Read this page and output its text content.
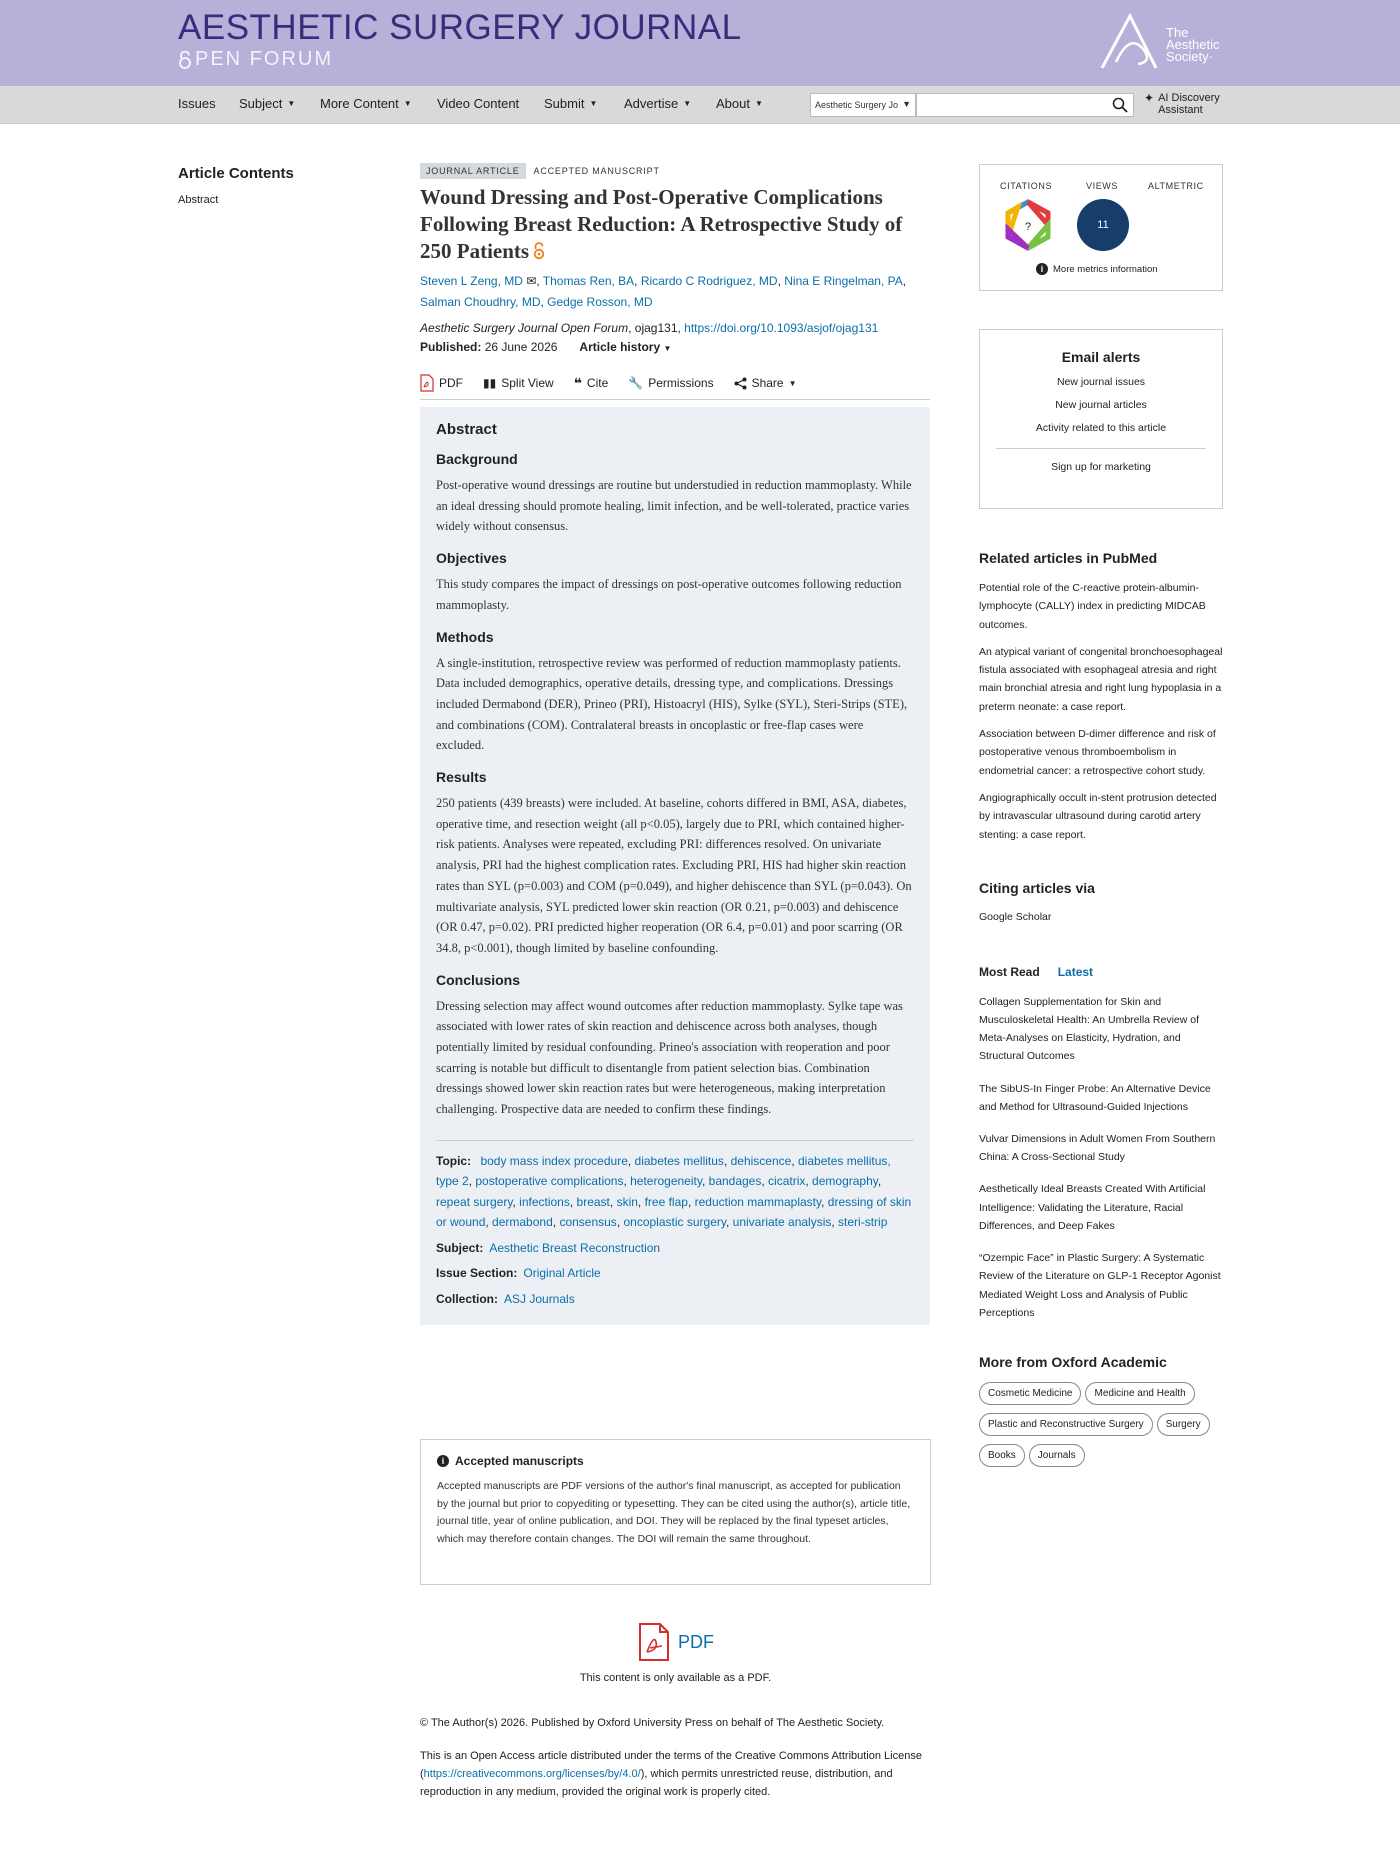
AESTHETIC SURGERY JOURNAL
PEN FORUM
The
Aesthetic
Society·
Issues Subject ▼ More Content ▼ Video Content Submit ▼ Advertise ▼ About ▼	Aesthetic Surgery Jo ▼	✦ AI Discovery
Assistant
Article Contents
Abstract
JOURNAL ARTICLE	ACCEPTED MANUSCRIPT
Wound Dressing and Post-Operative Complications Following Breast Reduction: A Retrospective Study of 250 Patients
Steven L Zeng, MD ✉, Thomas Ren, BA, Ricardo C Rodriguez, MD, Nina E Ringelman, PA,
Salman Choudhry, MD, Gedge Rosson, MD
Aesthetic Surgery Journal Open Forum, ojag131, https://doi.org/10.1093/asjof/ojag131
Published: 26 June 2026 Article history ▼
PDF ▮▮ Split View ❝ Cite 🔧 Permissions	Share ▼
Abstract
Background

Post-operative wound dressings are routine but understudied in reduction mammoplasty. While an ideal dressing should promote healing, limit infection, and be well-tolerated, practice varies widely without consensus.

Objectives

This study compares the impact of dressings on post-operative outcomes following reduction mammoplasty.

Methods

A single-institution, retrospective review was performed of reduction mammoplasty patients. Data included demographics, operative details, dressing type, and complications. Dressings included Dermabond (DER), Prineo (PRI), Histoacryl (HIS), Sylke (SYL), Steri-Strips (STE), and combinations (COM). Contralateral breasts in oncoplastic or free-flap cases were excluded.

Results

250 patients (439 breasts) were included. At baseline, cohorts differed in BMI, ASA, diabetes, operative time, and resection weight (all p<0.05), largely due to PRI, which contained higher-risk patients. Analyses were repeated, excluding PRI: differences resolved. On univariate analysis, PRI had the highest complication rates. Excluding PRI, HIS had higher skin reaction rates than SYL (p=0.003) and COM (p=0.049), and higher dehiscence than SYL (p=0.043). On multivariate analysis, SYL predicted lower skin reaction (OR 0.21, p=0.003) and dehiscence (OR 0.47, p=0.02). PRI predicted higher reoperation (OR 6.4, p=0.01) and poor scarring (OR 34.8, p<0.001), though limited by baseline confounding.

Conclusions

Dressing selection may affect wound outcomes after reduction mammoplasty. Sylke tape was associated with lower rates of skin reaction and dehiscence across both analyses, though potentially limited by residual confounding. Prineo's association with reoperation and poor scarring is notable but difficult to disentangle from patient selection bias. Combination dressings showed lower skin reaction rates but were heterogeneous, making interpretation challenging. Prospective data are needed to confirm these findings.

Topic: body mass index procedure, diabetes mellitus, dehiscence, diabetes mellitus, type 2, postoperative complications, heterogeneity, bandages, cicatrix, demography, repeat surgery, infections, breast, skin, free flap, reduction mammaplasty, dressing of skin or wound, dermabond, consensus, oncoplastic surgery, univariate analysis, steri-strip
Subject: Aesthetic Breast Reconstruction
Issue Section: Original Article
Collection: ASJ Journals
i Accepted manuscripts

Accepted manuscripts are PDF versions of the author's final manuscript, as accepted for publication by the journal but prior to copyediting or typesetting. They can be cited using the author(s), article title, journal title, year of online publication, and DOI. They will be replaced by the final typeset articles, which may therefore contain changes. The DOI will remain the same throughout.

PDF
This content is only available as a PDF.
© The Author(s) 2026. Published by Oxford University Press on behalf of The Aesthetic Society.
This is an Open Access article distributed under the terms of the Creative Commons Attribution License (https://creativecommons.org/licenses/by/4.0/), which permits unrestricted reuse, distribution, and reproduction in any medium, provided the original work is properly cited.
CITATIONS	VIEWS	ALTMETRIC
?	11
i	More metrics information
Email alerts
New journal issues
New journal articles
Activity related to this article
Sign up for marketing
Related articles in PubMed
Potential role of the C-reactive protein-albumin-lymphocyte (CALLY) index in predicting MIDCAB outcomes.
An atypical variant of congenital bronchoesophageal fistula associated with esophageal atresia and right main bronchial atresia and right lung hypoplasia in a preterm neonate: a case report.
Association between D-dimer difference and risk of postoperative venous thromboembolism in endometrial cancer: a retrospective cohort study.
Angiographically occult in-stent protrusion detected by intravascular ultrasound during carotid artery stenting: a case report.
Citing articles via
Google Scholar
Most Read Latest
Collagen Supplementation for Skin and Musculoskeletal Health: An Umbrella Review of Meta-Analyses on Elasticity, Hydration, and Structural Outcomes
The SibUS-In Finger Probe: An Alternative Device and Method for Ultrasound-Guided Injections
Vulvar Dimensions in Adult Women From Southern China: A Cross-Sectional Study
Aesthetically Ideal Breasts Created With Artificial Intelligence: Validating the Literature, Racial Differences, and Deep Fakes
“Ozempic Face” in Plastic Surgery: A Systematic Review of the Literature on GLP-1 Receptor Agonist Mediated Weight Loss and Analysis of Public Perceptions
More from Oxford Academic
Cosmetic Medicine	Medicine and Health
Plastic and Reconstructive Surgery	Surgery
Books	Journals
